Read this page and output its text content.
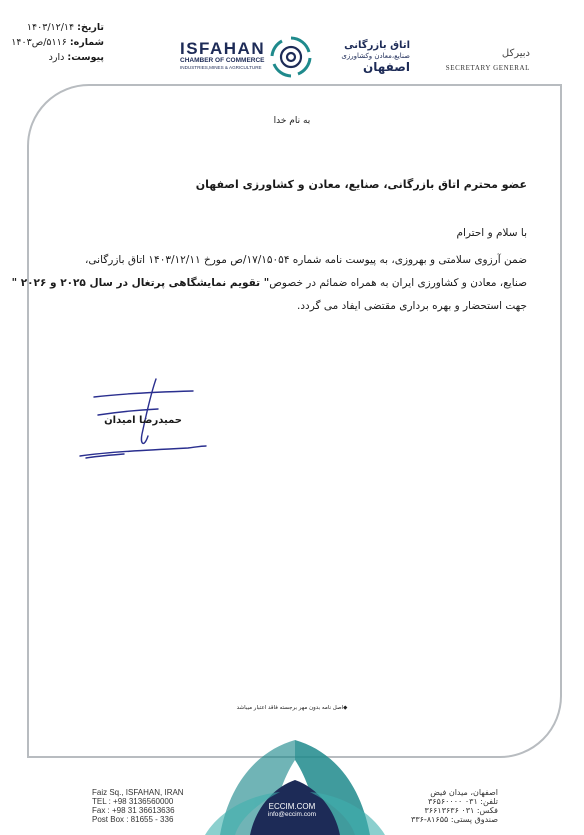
تاریخ: ۱۴۰۳/۱۲/۱۴
شماره: ۵۱۱۶/ص۱۴۰۳
پیوست: دارد	ISFAHAN
CHAMBER OF COMMERCE
INDUSTRIES,MINES & AGRICULTURE
اتاق بازرگانی
صنایع،معادن وکشاورزی
اصفهان
دبیرکل
SECRETARY GENERAL
به نام خدا
عضو محترم اتاق بازرگانی، صنایع، معادن و کشاورزی اصفهان
با سلام و احترام
ضمن آرزوی سلامتی و بهروزی، به پیوست نامه شماره ۱۷/۱۵۰۵۴/ص مورخ ۱۴۰۳/۱۲/۱۱ اتاق بازرگانی،
صنایع، معادن و کشاورزی ایران به همراه ضمائم در خصوص" تقویم نمایشگاهی پرتغال در سال ۲۰۲۵ و ۲۰۲۶ "
جهت استحضار و بهره برداری مقتضی ایفاد می گردد.
حمیدرضا امیدان
◆اصل نامه بدون مهر برجسته فاقد اعتبار میباشد
ECCIM.COM
info@eccim.com
Faiz Sq., ISFAHAN, IRAN
TEL : +98 3136560000
Fax : +98 31 36613636
Post Box : 81655 - 336
اصفهان، میدان فیض
تلفن: ۰۳۱ ۳۶۵۶۰۰۰۰
فکس: ۰۳۱ ۳۶۶۱۳۶۳۶
صندوق پستی: ۸۱۶۵۵-۳۳۶
